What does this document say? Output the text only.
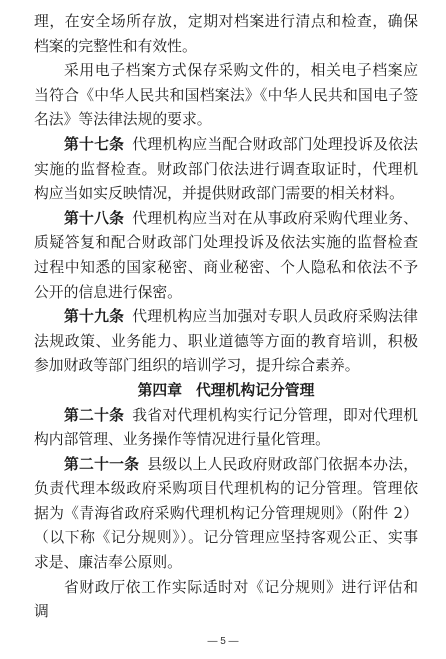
理，在安全场所存放，定期对档案进行清点和检查，确保档案的完整性和有效性。

采用电子档案方式保存采购文件的，相关电子档案应当符合《中华人民共和国档案法》《中华人民共和国电子签名法》等法律法规的要求。

第十七条 代理机构应当配合财政部门处理投诉及依法实施的监督检查。财政部门依法进行调查取证时，代理机构应当如实反映情况，并提供财政部门需要的相关材料。

第十八条 代理机构应当对在从事政府采购代理业务、质疑答复和配合财政部门处理投诉及依法实施的监督检查过程中知悉的国家秘密、商业秘密、个人隐私和依法不予公开的信息进行保密。

第十九条 代理机构应当加强对专职人员政府采购法律法规政策、业务能力、职业道德等方面的教育培训，积极参加财政等部门组织的培训学习，提升综合素养。

第四章 代理机构记分管理

第二十条 我省对代理机构实行记分管理，即对代理机构内部管理、业务操作等情况进行量化管理。

第二十一条 县级以上人民政府财政部门依据本办法，负责代理本级政府采购项目代理机构的记分管理。管理依据为《青海省政府采购代理机构记分管理规则》（附件 2）（以下称《记分规则》）。记分管理应坚持客观公正、实事求是、廉洁奉公原则。

省财政厅依工作实际适时对《记分规则》进行评估和调

— 5 —
